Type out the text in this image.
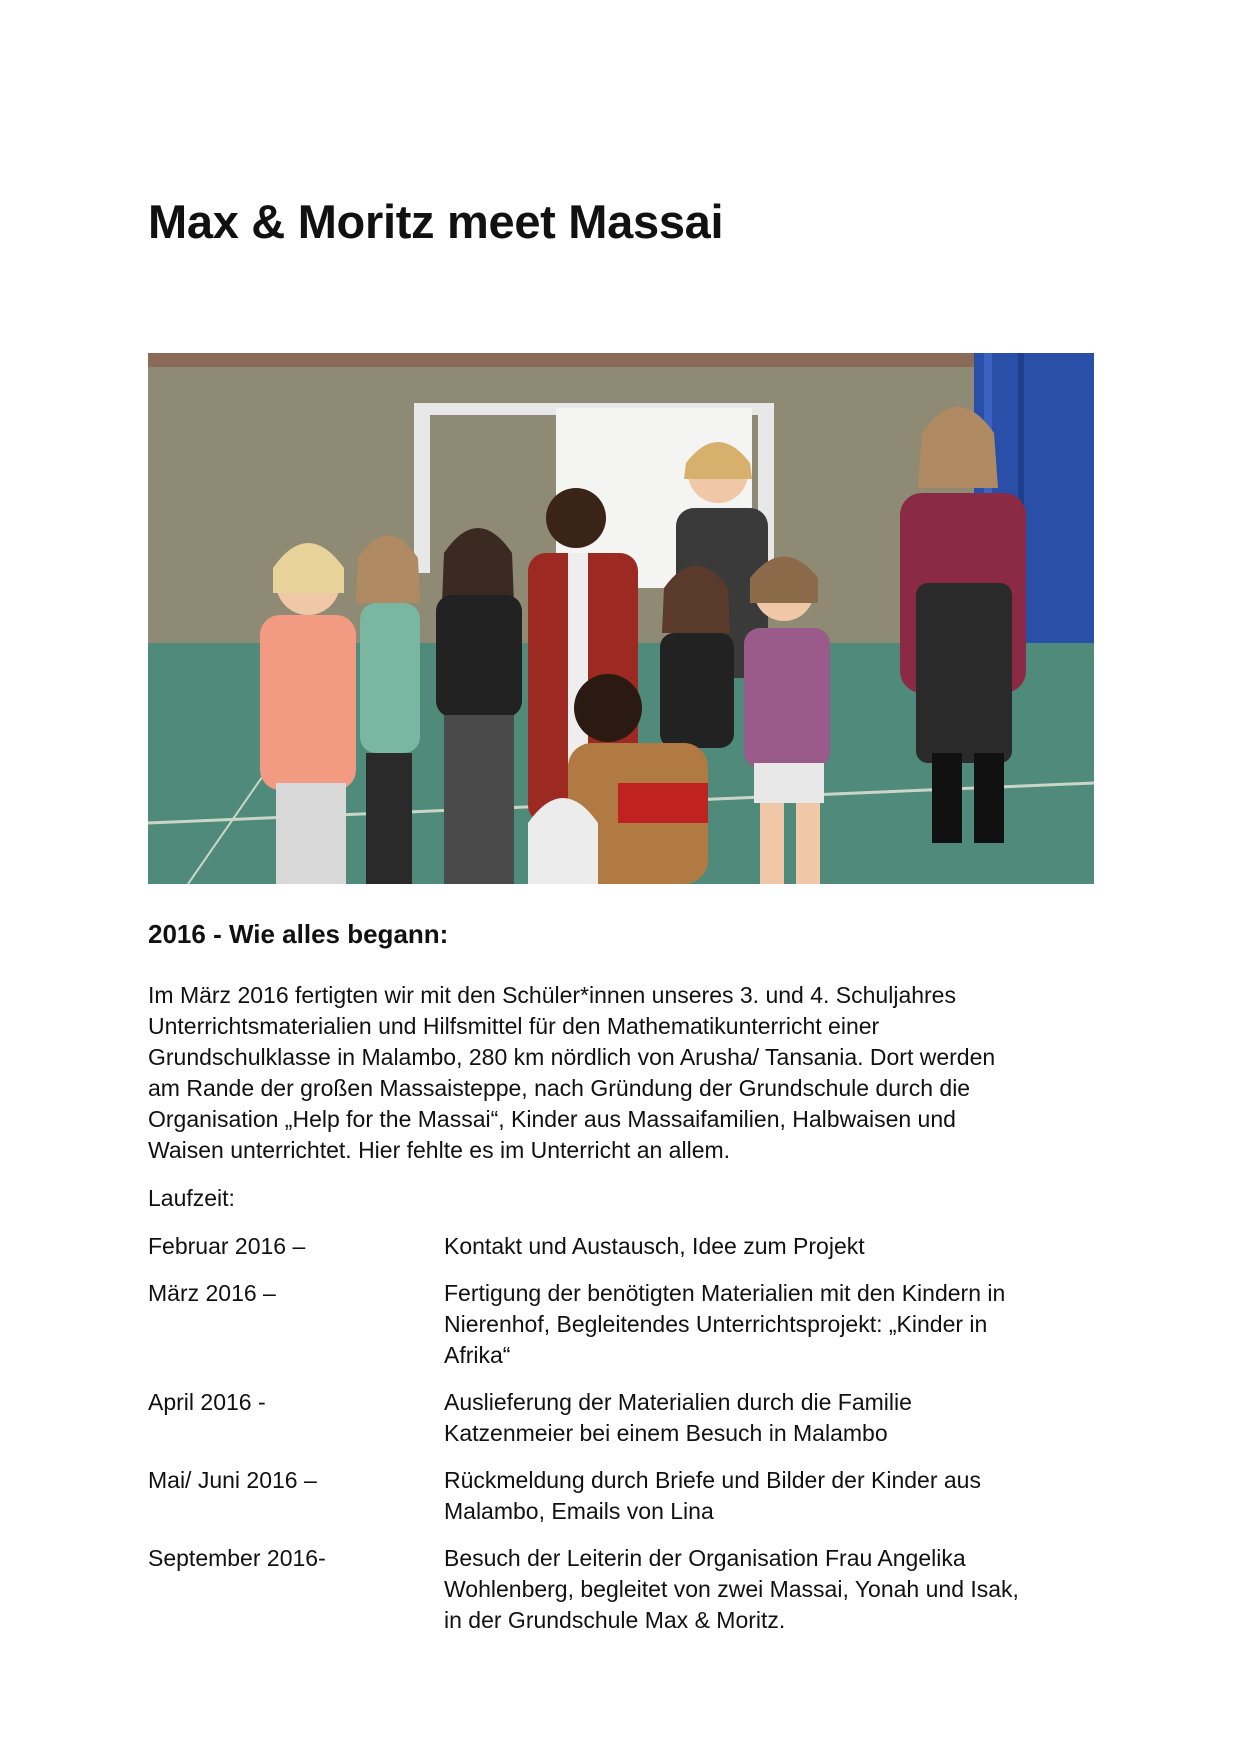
Max & Moritz meet Massai
2016 - Wie alles begann:

Im März 2016 fertigten wir mit den Schüler*innen unseres 3. und 4. Schuljahres
Unterrichtsmaterialien und Hilfsmittel für den Mathematikunterricht einer
Grundschulklasse in Malambo, 280 km nördlich von Arusha/ Tansania. Dort werden
am Rande der großen Massaisteppe, nach Gründung der Grundschule durch die
Organisation „Help for the Massai“, Kinder aus Massaifamilien, Halbwaisen und
Waisen unterrichtet. Hier fehlte es im Unterricht an allem.

Laufzeit:

Februar 2016 –	Kontakt und Austausch, Idee zum Projekt
März 2016 –	Fertigung der benötigten Materialien mit den Kindern in
Nierenhof, Begleitendes Unterrichtsprojekt: „Kinder in
Afrika“
April 2016 -	Auslieferung der Materialien durch die Familie
Katzenmeier bei einem Besuch in Malambo
Mai/ Juni 2016 –	Rückmeldung durch Briefe und Bilder der Kinder aus
Malambo, Emails von Lina
September 2016-	Besuch der Leiterin der Organisation Frau Angelika
Wohlenberg, begleitet von zwei Massai, Yonah und Isak,
in der Grundschule Max & Moritz.
